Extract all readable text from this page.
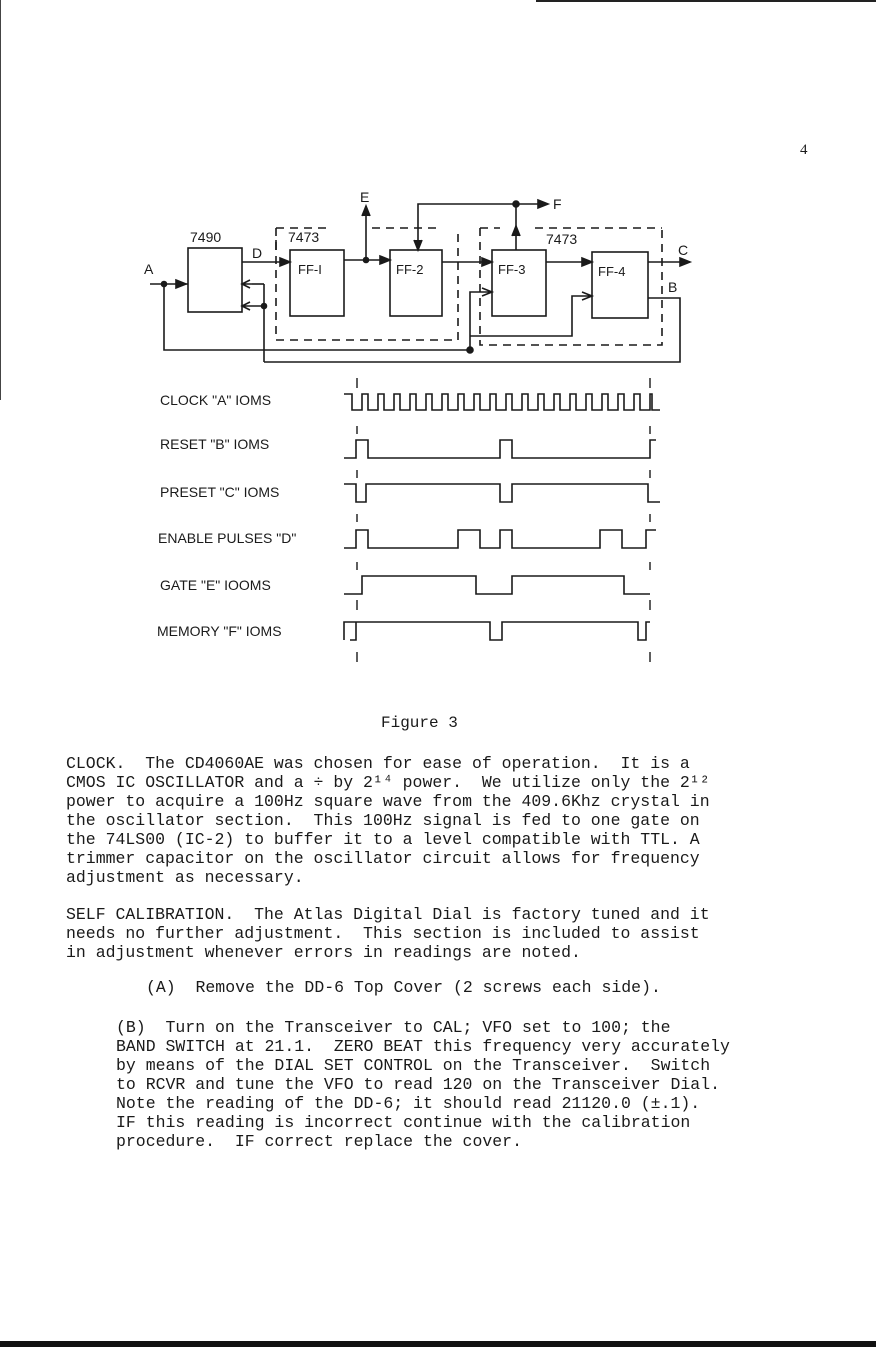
4
7490	7473	7473
FF-I	FF-2	FF-3	FF-4
A
D
E	F
C
B
CLOCK "A" IOMS
RESET "B" IOMS
PRESET "C" IOMS
ENABLE PULSES "D"
GATE "E" IOOMS
MEMORY "F" IOMS
Figure 3

CLOCK.  The CD4060AE was chosen for ease of operation.  It is a
CMOS IC OSCILLATOR and a ÷ by 2¹⁴ power.  We utilize only the 2¹²
power to acquire a 100Hz square wave from the 409.6Khz crystal in
the oscillator section.  This 100Hz signal is fed to one gate on
the 74LS00 (IC-2) to buffer it to a level compatible with TTL. A
trimmer capacitor on the oscillator circuit allows for frequency
adjustment as necessary.

SELF CALIBRATION.  The Atlas Digital Dial is factory tuned and it
needs no further adjustment.  This section is included to assist
in adjustment whenever errors in readings are noted.

(A)  Remove the DD-6 Top Cover (2 screws each side).

(B)  Turn on the Transceiver to CAL; VFO set to 100; the
BAND SWITCH at 21.1.  ZERO BEAT this frequency very accurately
by means of the DIAL SET CONTROL on the Transceiver.  Switch
to RCVR and tune the VFO to read 120 on the Transceiver Dial.
Note the reading of the DD-6; it should read 21120.0 (±.1).
IF this reading is incorrect continue with the calibration
procedure.  IF correct replace the cover.
